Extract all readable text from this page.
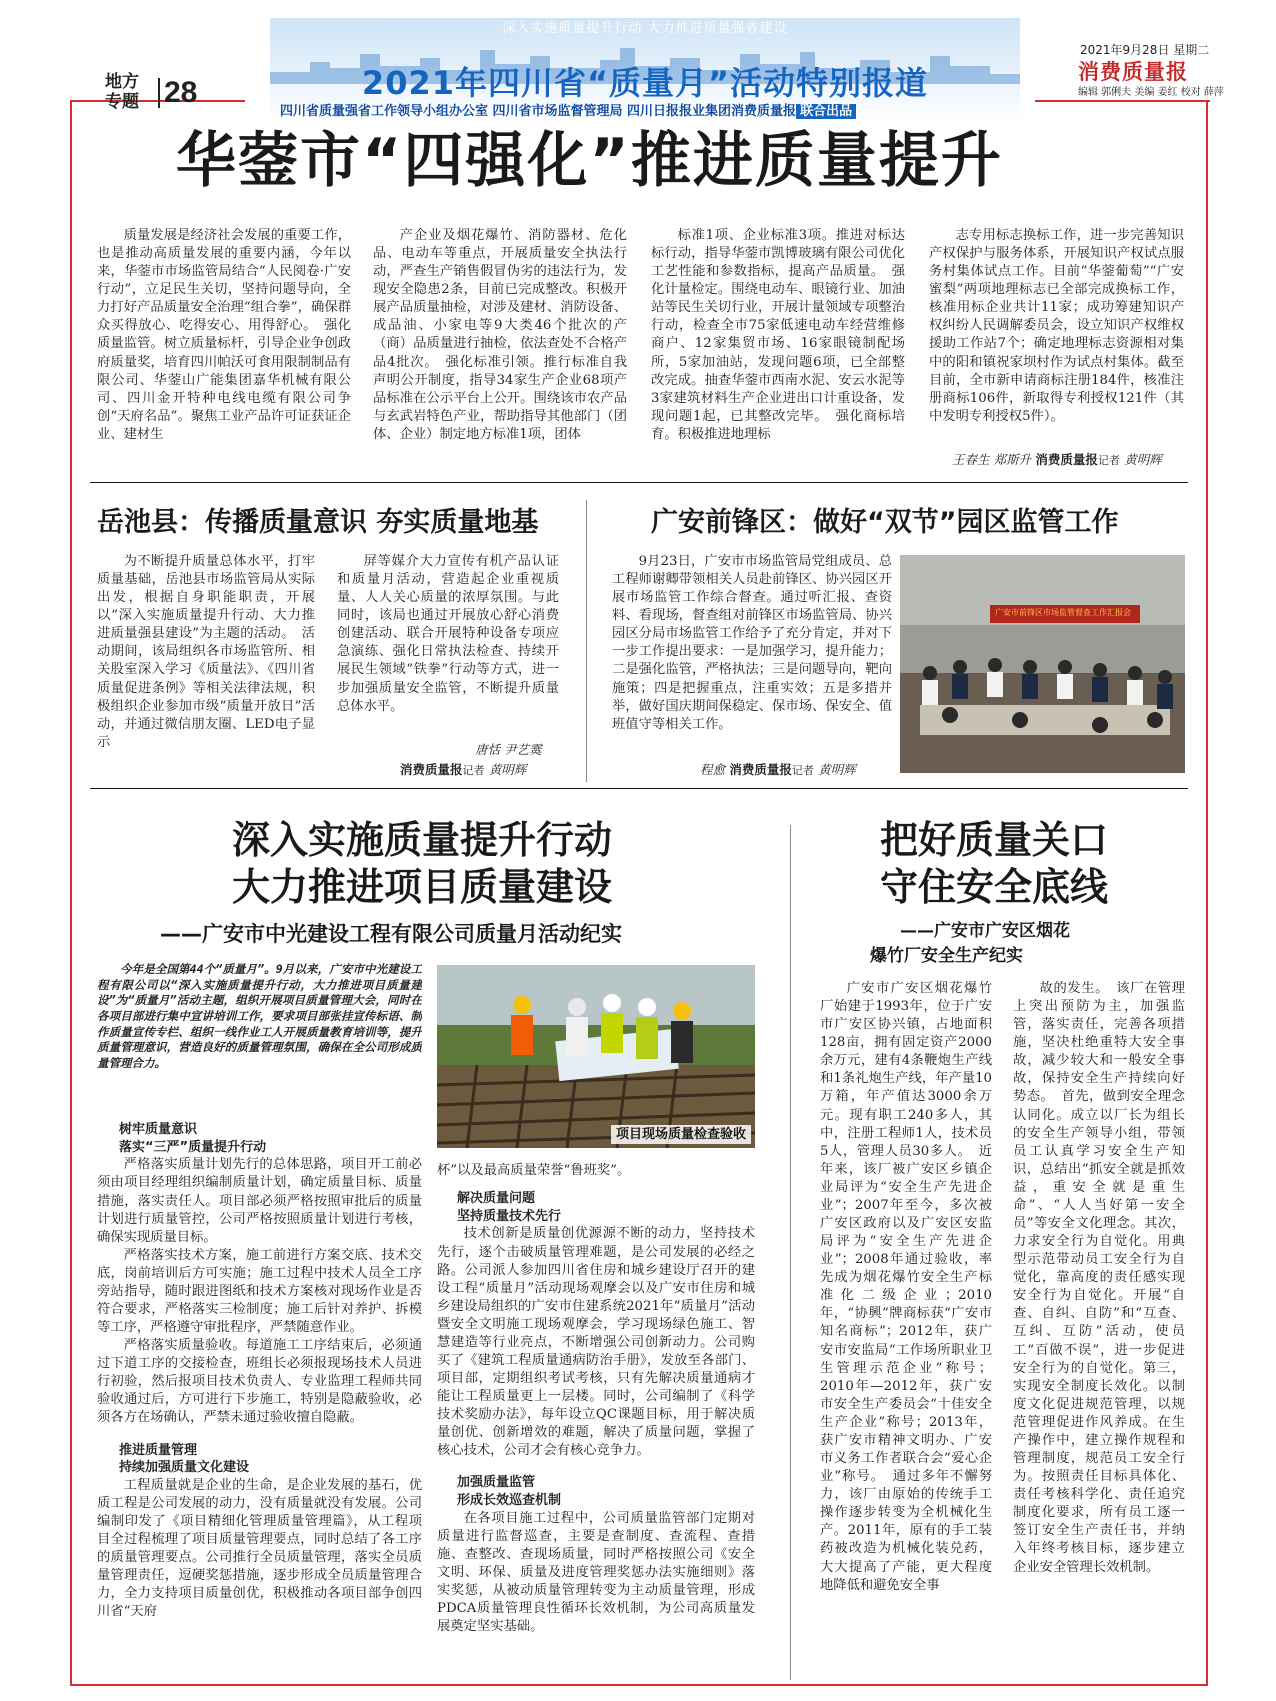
地方
专题 28
深入实施质量提升行动 大力推进质量强省建设
2021年四川省“质量月”活动特别报道
四川省质量强省工作领导小组办公室 四川省市场监督管理局 四川日报报业集团消费质量报 联合出品
2021年9月28日 星期二
消费质量报
编辑 郭俐夫 美编 姜红 校对 薛萍
华蓥市“四强化”推进质量提升
质量发展是经济社会发展的重要工作，也是推动高质量发展的重要内涵，今年以来，华蓥市市场监管局结合“人民阅卷·广安行动”，立足民生关切，坚持问题导向，全力打好产品质量安全治理“组合拳”，确保群众买得放心、吃得安心、用得舒心。　强化质量监管。树立质量标杆，引导企业争创政府质量奖，培育四川帕沃可食用限制制品有限公司、华蓥山广能集团嘉华机械有限公司、四川金开特种电线电缆有限公司争创“天府名品”。聚焦工业产品许可证获证企业、建材生
产企业及烟花爆竹、消防器材、危化品、电动车等重点，开展质量安全执法行动，严查生产销售假冒伪劣的违法行为，发现安全隐患2条，目前已完成整改。积极开展产品质量抽检，对涉及建材、消防设备、成品油、小家电等9大类46个批次的产（商）品质量进行抽检，依法查处不合格产品4批次。　强化标准引领。推行标准自我声明公开制度，指导34家生产企业68项产品标准在公示平台上公开。围绕该市农产品与玄武岩特色产业，帮助指导其他部门（团体、企业）制定地方标准1项，团体
标准1项、企业标准3项。推进对标达标行动，指导华蓥市凯博玻璃有限公司优化工艺性能和参数指标，提高产品质量。　强化计量检定。围绕电动车、眼镜行业、加油站等民生关切行业，开展计量领域专项整治行动，检查全市75家低速电动车经营维修商户、12家集贸市场、16家眼镜制配场所，5家加油站，发现问题6项，已全部整改完成。抽查华蓥市西南水泥、安云水泥等3家建筑材料生产企业进出口计重设备，发现问题1起，已其整改完毕。　强化商标培育。积极推进地理标
志专用标志换标工作，进一步完善知识产权保护与服务体系，开展知识产权试点服务村集体试点工作。目前“华蓥葡萄”“广安蜜梨”两项地理标志已全部完成换标工作，核准用标企业共计11家；成功筹建知识产权纠纷人民调解委员会，设立知识产权维权援助工作站7个；确定地理标志资源相对集中的阳和镇祝家坝村作为试点村集体。截至目前，全市新申请商标注册184件，核准注册商标106件，新取得专利授权121件（其中发明专利授权5件）。
王春生 郑斯升 消费质量报记者 黄明辉
岳池县：传播质量意识 夯实质量地基
为不断提升质量总体水平，打牢质量基础，岳池县市场监管局从实际出发，根据自身职能职责，开展以“深入实施质量提升行动、大力推进质量强县建设”为主题的活动。　活动期间，该局组织各市场监管所、相关股室深入学习《质量法》、《四川省质量促进条例》等相关法律法规，积极组织企业参加市级“质量开放日”活动，并通过微信朋友圈、LED电子显示
屏等媒介大力宣传有机产品认证和质量月活动，营造起企业重视质量、人人关心质量的浓厚氛围。与此同时，该局也通过开展放心舒心消费创建活动、联合开展特种设备专项应急演练、强化日常执法检查、持续开展民生领域“铁拳”行动等方式，进一步加强质量安全监管，不断提升质量总体水平。
唐恬 尹艺霙
消费质量报记者 黄明辉
广安前锋区：做好“双节”园区监管工作
9月23日，广安市市场监管局党组成员、总工程师谢卿带领相关人员赴前锋区、协兴园区开展市场监管工作综合督查。通过听汇报、查资料、看现场，督查组对前锋区市场监管局、协兴园区分局市场监管工作给予了充分肯定，并对下一步工作提出要求：一是加强学习，提升能力；二是强化监管，严格执法；三是问题导向，靶向施策；四是把握重点，注重实效；五是多措并举，做好国庆期间保稳定、保市场、保安全、值班值守等相关工作。
程愈 消费质量报记者 黄明辉
广安市前锋区市场监管督查工作汇报会
深入实施质量提升行动
大力推进项目质量建设
——广安市中光建设工程有限公司质量月活动纪实
今年是全国第44个“质量月”。9月以来，广安市中光建设工程有限公司以“深入实施质量提升行动，大力推进项目质量建设”为“质量月”活动主题，组织开展项目质量管理大会，同时在各项目部进行集中宣讲培训工作，要求项目部张挂宣传标语、制作质量宣传专栏、组织一线作业工人开展质量教育培训等，提升质量管理意识，营造良好的质量管理氛围，确保在全公司形成质量管理合力。
项目现场质量检查验收
树牢质量意识
落实“三严”质量提升行动

严格落实质量计划先行的总体思路，项目开工前必须由项目经理组织编制质量计划，确定质量目标、质量措施，落实责任人。项目部必须严格按照审批后的质量计划进行质量管控，公司严格按照质量计划进行考核，确保实现质量目标。

严格落实技术方案，施工前进行方案交底、技术交底，岗前培训后方可实施；施工过程中技术人员全工序旁站指导，随时跟进图纸和技术方案核对现场作业是否符合要求，严格落实三检制度；施工后针对养护、拆模等工序，严格遵守审批程序，严禁随意作业。

严格落实质量验收。每道施工工序结束后，必须通过下道工序的交接检查，班组长必须报现场技术人员进行初验，然后报项目技术负责人、专业监理工程师共同验收通过后，方可进行下步施工，特别是隐蔽验收，必须各方在场确认，严禁未通过验收擅自隐蔽。

推进质量管理
持续加强质量文化建设

工程质量就是企业的生命，是企业发展的基石，优质工程是公司发展的动力，没有质量就没有发展。公司编制印发了《项目精细化管理质量管理篇》，从工程项目全过程梳理了项目质量管理要点，同时总结了各工序的质量管理要点。公司推行全员质量管理，落实全员质量管理责任，逗硬奖惩措施，逐步形成全员质量管理合力，全力支持项目质量创优，积极推动各项目部争创四川省“天府

杯”以及最高质量荣誉“鲁班奖”。

解决质量问题
坚持质量技术先行

技术创新是质量创优源源不断的动力，坚持技术先行，逐个击破质量管理难题，是公司发展的必经之路。公司派人参加四川省住房和城乡建设厅召开的建设工程“质量月”活动现场观摩会以及广安市住房和城乡建设局组织的广安市住建系统2021年“质量月”活动暨安全文明施工现场观摩会，学习现场绿色施工、智慧建造等行业亮点，不断增强公司创新动力。公司购买了《建筑工程质量通病防治手册》，发放至各部门、项目部，定期组织考试考核，只有先解决质量通病才能让工程质量更上一层楼。同时，公司编制了《科学技术奖励办法》，每年设立QC课题目标，用于解决质量创优、创新增效的难题，解决了质量问题，掌握了核心技术，公司才会有核心竞争力。

加强质量监管
形成长效巡查机制

在各项目施工过程中，公司质量监管部门定期对质量进行监督巡查，主要是查制度、查流程、查措施、查整改、查现场质量，同时严格按照公司《安全文明、环保、质量及进度管理奖惩办法实施细则》落实奖惩，从被动质量管理转变为主动质量管理，形成PDCA质量管理良性循环长效机制，为公司高质量发展奠定坚实基础。

把好质量关口
守住安全底线
——广安市广安区烟花
爆竹厂安全生产纪实
广安市广安区烟花爆竹厂始建于1993年，位于广安市广安区协兴镇，占地面积128亩，拥有固定资产2000余万元，建有4条鞭炮生产线和1条礼炮生产线，年产量10万箱，年产值达3000余万元。现有职工240多人，其中，注册工程师1人，技术员5人，管理人员30多人。　近年来，该厂被广安区乡镇企业局评为“安全生产先进企业”；2007年至今，多次被广安区政府以及广安区安监局评为“安全生产先进企业”；2008年通过验收，率先成为烟花爆竹安全生产标准化二级企业；2010年，“协興”牌商标获“广安市知名商标”；2012年，获广安市安监局“工作场所职业卫生管理示范企业”称号；2010年—2012年，获广安市安全生产委员会“十佳安全生产企业”称号；2013年，获广安市精神文明办、广安市义务工作者联合会“爱心企业”称号。　通过多年不懈努力，该厂由原始的传统手工操作逐步转变为全机械化生产。2011年，原有的手工装药被改造为机械化装兑药，大大提高了产能，更大程度地降低和避免安全事
故的发生。　该厂在管理上突出预防为主，加强监管，落实责任，完善各项措施，坚决杜绝重特大安全事故，减少较大和一般安全事故，保持安全生产持续向好势态。　首先，做到安全理念认同化。成立以厂长为组长的安全生产领导小组，带领员工认真学习安全生产知识，总结出“抓安全就是抓效益，重安全就是重生命”、“人人当好第一安全员”等安全文化理念。其次，力求安全行为自觉化。用典型示范带动员工安全行为自觉化，靠高度的责任感实现安全行为自觉化。开展“自查、自纠、自防”和“互查、互纠、互防”活动，使员工“百做不误”，进一步促进安全行为的自觉化。第三，实现安全制度长效化。以制度文化促进规范管理，以规范管理促进作风养成。在生产操作中，建立操作规程和管理制度，规范员工安全行为。按照责任目标具体化、责任考核科学化、责任追究制度化要求，所有员工逐一签订安全生产责任书，并纳入年终考核目标，逐步建立企业安全管理长效机制。
